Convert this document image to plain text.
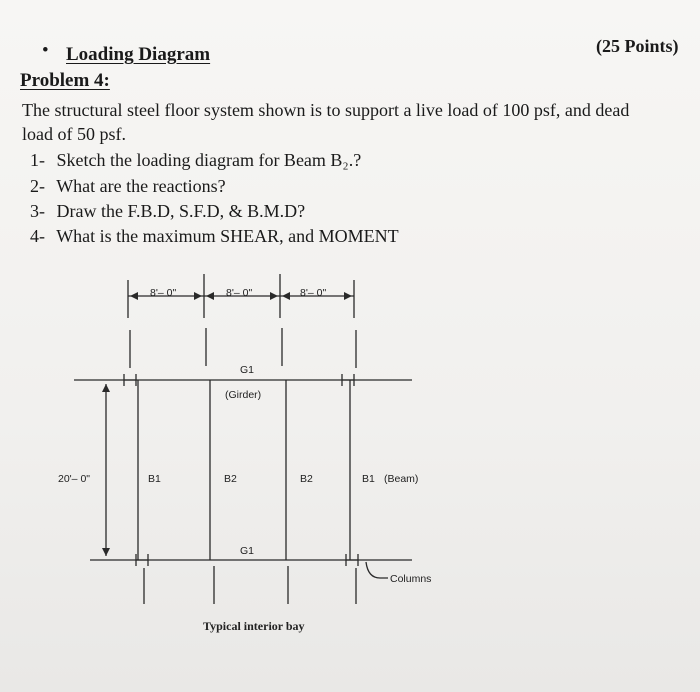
• Loading Diagram	(25 Points)
Problem 4:
The structural steel floor system shown is to support a live load of 100 psf, and dead
load of 50 psf.
1- Sketch the loading diagram for Beam B₂.?
2- What are the reactions?
3- Draw the F.B.D, S.F.D, & B.M.D?
4- What is the maximum SHEAR, and MOMENT
8'– 0"	8'– 0"	8'– 0"
G1
(Girder)
20'– 0"	B1	B2	B2	B1 (Beam)
G1
Columns
Typical interior bay
